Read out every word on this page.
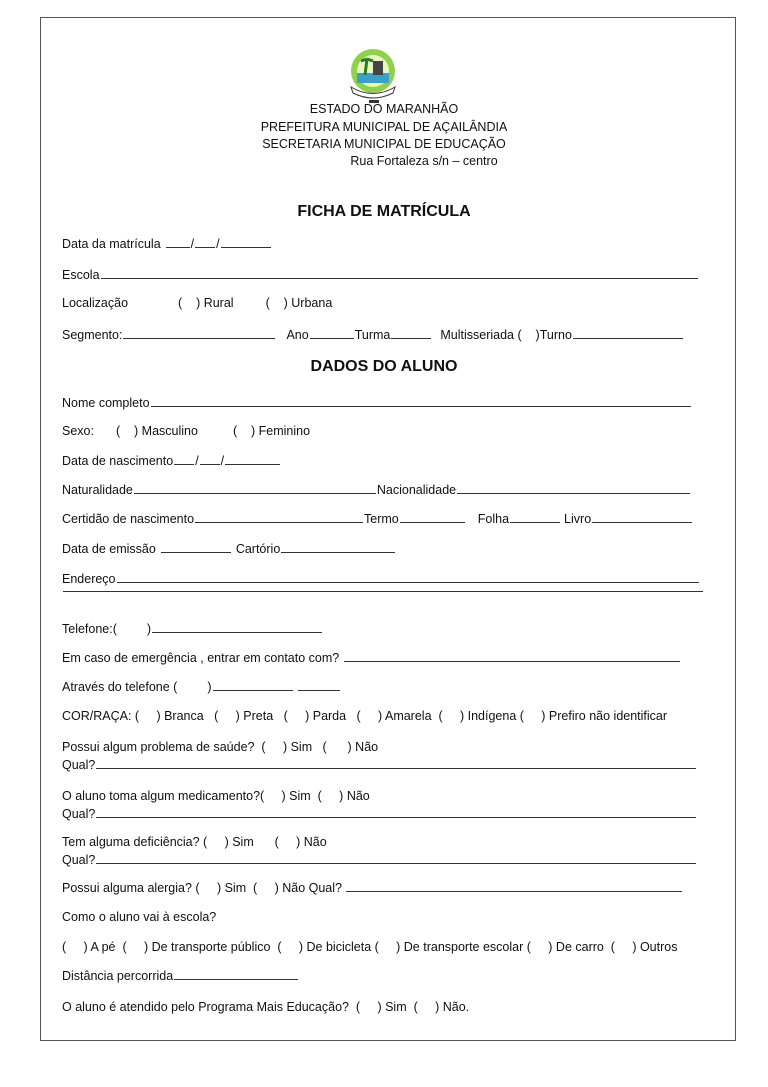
ESTADO DO MARANHÃO
PREFEITURA MUNICIPAL DE AÇAILÂNDIA
SECRETARIA MUNICIPAL DE EDUCAÇÃO
Rua Fortaleza s/n – centro
FICHA DE MATRÍCULA
Data da matrícula / /
Escola
Localização	(    ) Rural	(    ) Urbana
Segmento:	Ano	Turma	Multisseriada (    )Turno
DADOS DO ALUNO
Nome completo
Sexo: (    ) Masculino	(    ) Feminino
Data de nascimento / /
Naturalidade	Nacionalidade
Certidão de nascimento	Termo	Folha	Livro
Data de emissão	Cartório
Endereço
Telefone:( )
Em caso de emergência , entrar em contato com?
Através do telefone ( )
COR/RAÇA: (     ) Branca   (     ) Preta   (     ) Parda   (     ) Amarela  (     ) Indígena (     ) Prefiro não identificar
Possui algum problema de saúde?  (     ) Sim   (      ) Não
Qual?
O aluno toma algum medicamento?(     ) Sim  (     ) Não
Qual?
Tem alguma deficiência? (     ) Sim      (     ) Não
Qual?
Possui alguma alergia? (     ) Sim  (     ) Não Qual?
Como o aluno vai à escola?
(     ) A pé  (     ) De transporte público  (     ) De bicicleta (     ) De transporte escolar (     ) De carro  (     ) Outros
Distância percorrida
O aluno é atendido pelo Programa Mais Educação?  (     ) Sim  (     ) Não.
